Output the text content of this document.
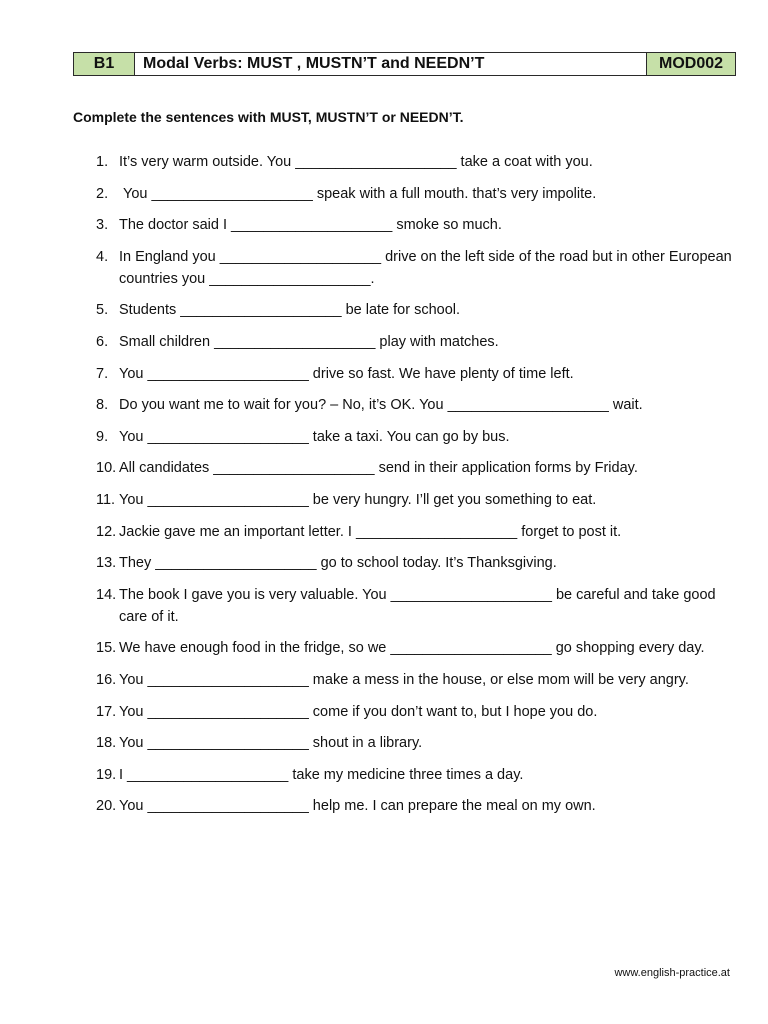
B1	Modal Verbs: MUST , MUSTN’T and NEEDN’T	MOD002
Complete the sentences with MUST, MUSTN’T or NEEDN’T.
1. It’s very warm outside. You ____________________ take a coat with you.
2. You ____________________ speak with a full mouth. that’s very impolite.
3. The doctor said I ____________________ smoke so much.
4. In England you ____________________ drive on the left side of the road but in other European countries you ____________________.
5. Students ____________________ be late for school.
6. Small children ____________________ play with matches.
7. You ____________________ drive so fast. We have plenty of time left.
8. Do you want me to wait for you? – No, it’s OK. You ____________________ wait.
9. You ____________________ take a taxi. You can go by bus.
10. All candidates ____________________ send in their application forms by Friday.
11. You ____________________ be very hungry. I’ll get you something to eat.
12. Jackie gave me an important letter. I ____________________ forget to post it.
13. They ____________________ go to school today. It’s Thanksgiving.
14. The book I gave you is very valuable. You ____________________ be careful and take good care of it.
15. We have enough food in the fridge, so we ____________________ go shopping every day.
16. You ____________________ make a mess in the house, or else mom will be very angry.
17. You ____________________ come if you don’t want to, but I hope you do.
18. You ____________________ shout in a library.
19. I ____________________ take my medicine three times a day.
20. You ____________________ help me. I can prepare the meal on my own.
www.english-practice.at
